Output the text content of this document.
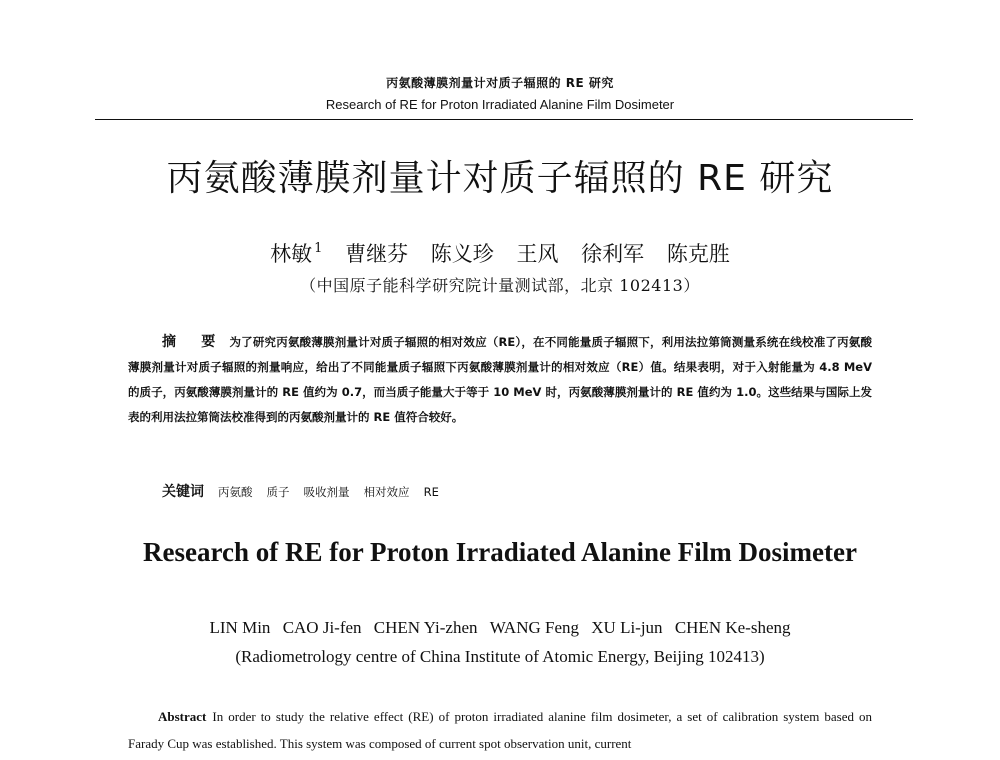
丙氨酸薄膜剂量计对质子辐照的 RE 研究
Research of RE for Proton Irradiated Alanine Film Dosimeter
丙氨酸薄膜剂量计对质子辐照的 RE 研究
林敏 $^1$ 曹继芬 陈义珍 王风 徐利军 陈克胜
（中国原子能科学研究院计量测试部，北京 102413）
摘 要 为了研究丙氨酸薄膜剂量计对质子辐照的相对效应（RE），在不同能量质子辐照下，利用法拉第筒测量系统在线校准了丙氨酸薄膜剂量计对质子辐照的剂量响应，给出了不同能量质子辐照下丙氨酸薄膜剂量计的相对效应（RE）值。结果表明，对于入射能量为 4.8 MeV 的质子，丙氨酸薄膜剂量计的 RE 值约为 0.7，而当质子能量大于等于 10 MeV 时，丙氨酸薄膜剂量计的 RE 值约为 1.0。这些结果与国际上发表的利用法拉第筒法校准得到的丙氨酸剂量计的 RE 值符合较好。
关键词 丙氨酸 质子 吸收剂量 相对效应 RE
Research of RE for Proton Irradiated Alanine Film Dosimeter
LIN Min CAO Ji-fen CHEN Yi-zhen WANG Feng XU Li-jun CHEN Ke-sheng
(Radiometrology centre of China Institute of Atomic Energy, Beijing 102413)
Abstract In order to study the relative effect (RE) of proton irradiated alanine film dosimeter, a set of calibration system based on Farady Cup was established. This system was composed of current spot observation unit, current
